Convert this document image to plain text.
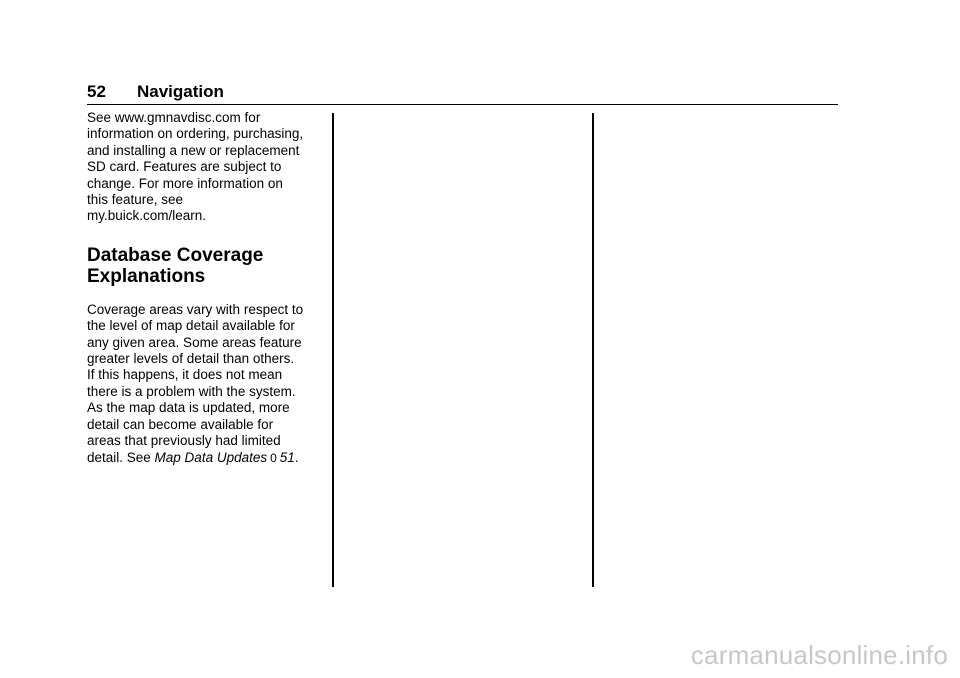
52 Navigation

See www.gmnavdisc.com for
information on ordering, purchasing,
and installing a new or replacement
SD card. Features are subject to
change. For more information on
this feature, see
my.buick.com/learn.

Database Coverage
Explanations

Coverage areas vary with respect to
the level of map detail available for
any given area. Some areas feature
greater levels of detail than others.
If this happens, it does not mean
there is a problem with the system.
As the map data is updated, more
detail can become available for
areas that previously had limited
detail. See Map Data Updates 0 51.

carmanualsonline.info
